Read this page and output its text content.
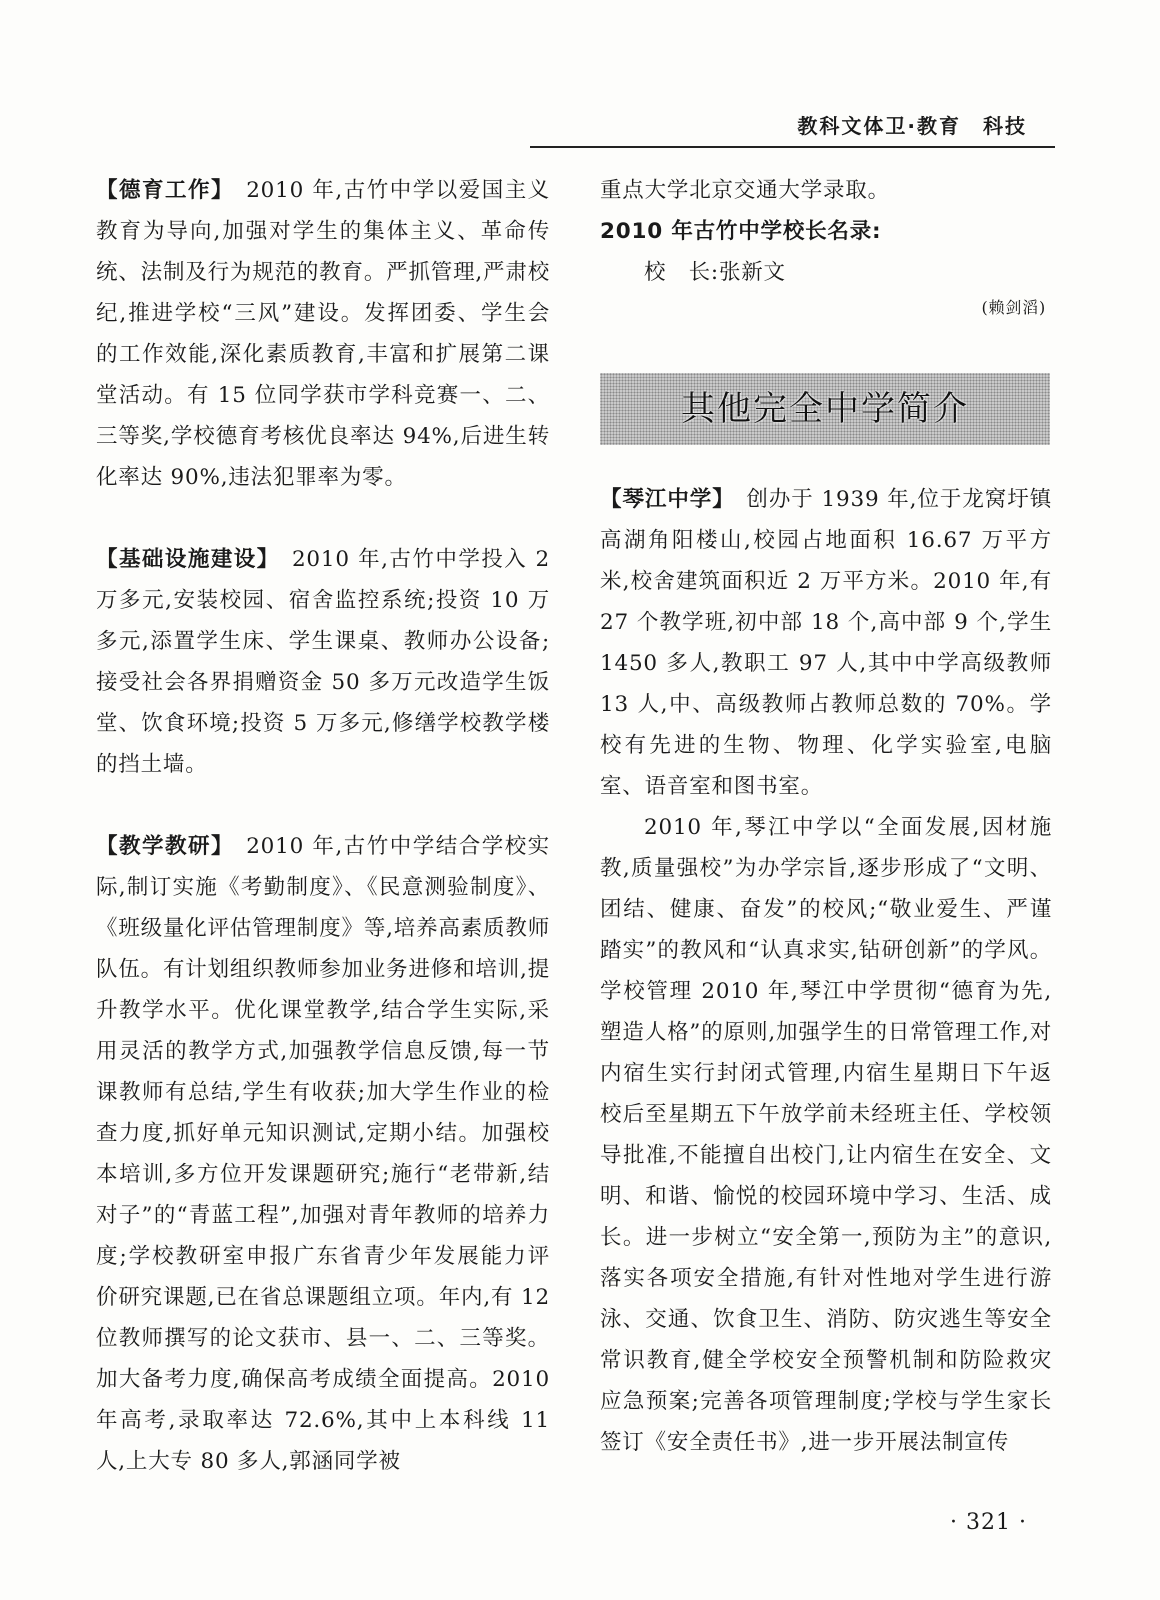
教科文体卫·教育　科技

【德育工作】　2010 年,古竹中学以爱国主义教育为导向,加强对学生的集体主义、革命传统、法制及行为规范的教育。严抓管理,严肃校纪,推进学校“三风”建设。发挥团委、学生会的工作效能,深化素质教育,丰富和扩展第二课堂活动。有 15 位同学获市学科竞赛一、二、三等奖,学校德育考核优良率达 94%,后进生转化率达 90%,违法犯罪率为零。

【基础设施建设】　2010 年,古竹中学投入 2 万多元,安装校园、宿舍监控系统;投资 10 万多元,添置学生床、学生课桌、教师办公设备;接受社会各界捐赠资金 50 多万元改造学生饭堂、饮食环境;投资 5 万多元,修缮学校教学楼的挡土墙。

【教学教研】　2010 年,古竹中学结合学校实际,制订实施《考勤制度》、《民意测验制度》、《班级量化评估管理制度》等,培养高素质教师队伍。有计划组织教师参加业务进修和培训,提升教学水平。优化课堂教学,结合学生实际,采用灵活的教学方式,加强教学信息反馈,每一节课教师有总结,学生有收获;加大学生作业的检查力度,抓好单元知识测试,定期小结。加强校本培训,多方位开发课题研究;施行“老带新,结对子”的“青蓝工程”,加强对青年教师的培养力度;学校教研室申报广东省青少年发展能力评价研究课题,已在省总课题组立项。年内,有 12 位教师撰写的论文获市、县一、二、三等奖。加大备考力度,确保高考成绩全面提高。2010 年高考,录取率达 72.6%,其中上本科线 11 人,上大专 80 多人,郭涵同学被

重点大学北京交通大学录取。

2010 年古竹中学校长名录:

校　长:张新文

(赖剑滔)

其他完全中学简介

【琴江中学】　创办于 1939 年,位于龙窝圩镇高湖角阳楼山,校园占地面积 16.67 万平方米,校舍建筑面积近 2 万平方米。2010 年,有 27 个教学班,初中部 18 个,高中部 9 个,学生 1450 多人,教职工 97 人,其中中学高级教师 13 人,中、高级教师占教师总数的 70%。学校有先进的生物、物理、化学实验室,电脑室、语音室和图书室。

2010 年,琴江中学以“全面发展,因材施教,质量强校”为办学宗旨,逐步形成了“文明、团结、健康、奋发”的校风;“敬业爱生、严谨踏实”的教风和“认真求实,钻研创新”的学风。学校管理 2010 年,琴江中学贯彻“德育为先,塑造人格”的原则,加强学生的日常管理工作,对内宿生实行封闭式管理,内宿生星期日下午返校后至星期五下午放学前未经班主任、学校领导批准,不能擅自出校门,让内宿生在安全、文明、和谐、愉悦的校园环境中学习、生活、成长。进一步树立“安全第一,预防为主”的意识,落实各项安全措施,有针对性地对学生进行游泳、交通、饮食卫生、消防、防灾逃生等安全常识教育,健全学校安全预警机制和防险救灾应急预案;完善各项管理制度;学校与学生家长签订《安全责任书》,进一步开展法制宣传

· 321 ·
